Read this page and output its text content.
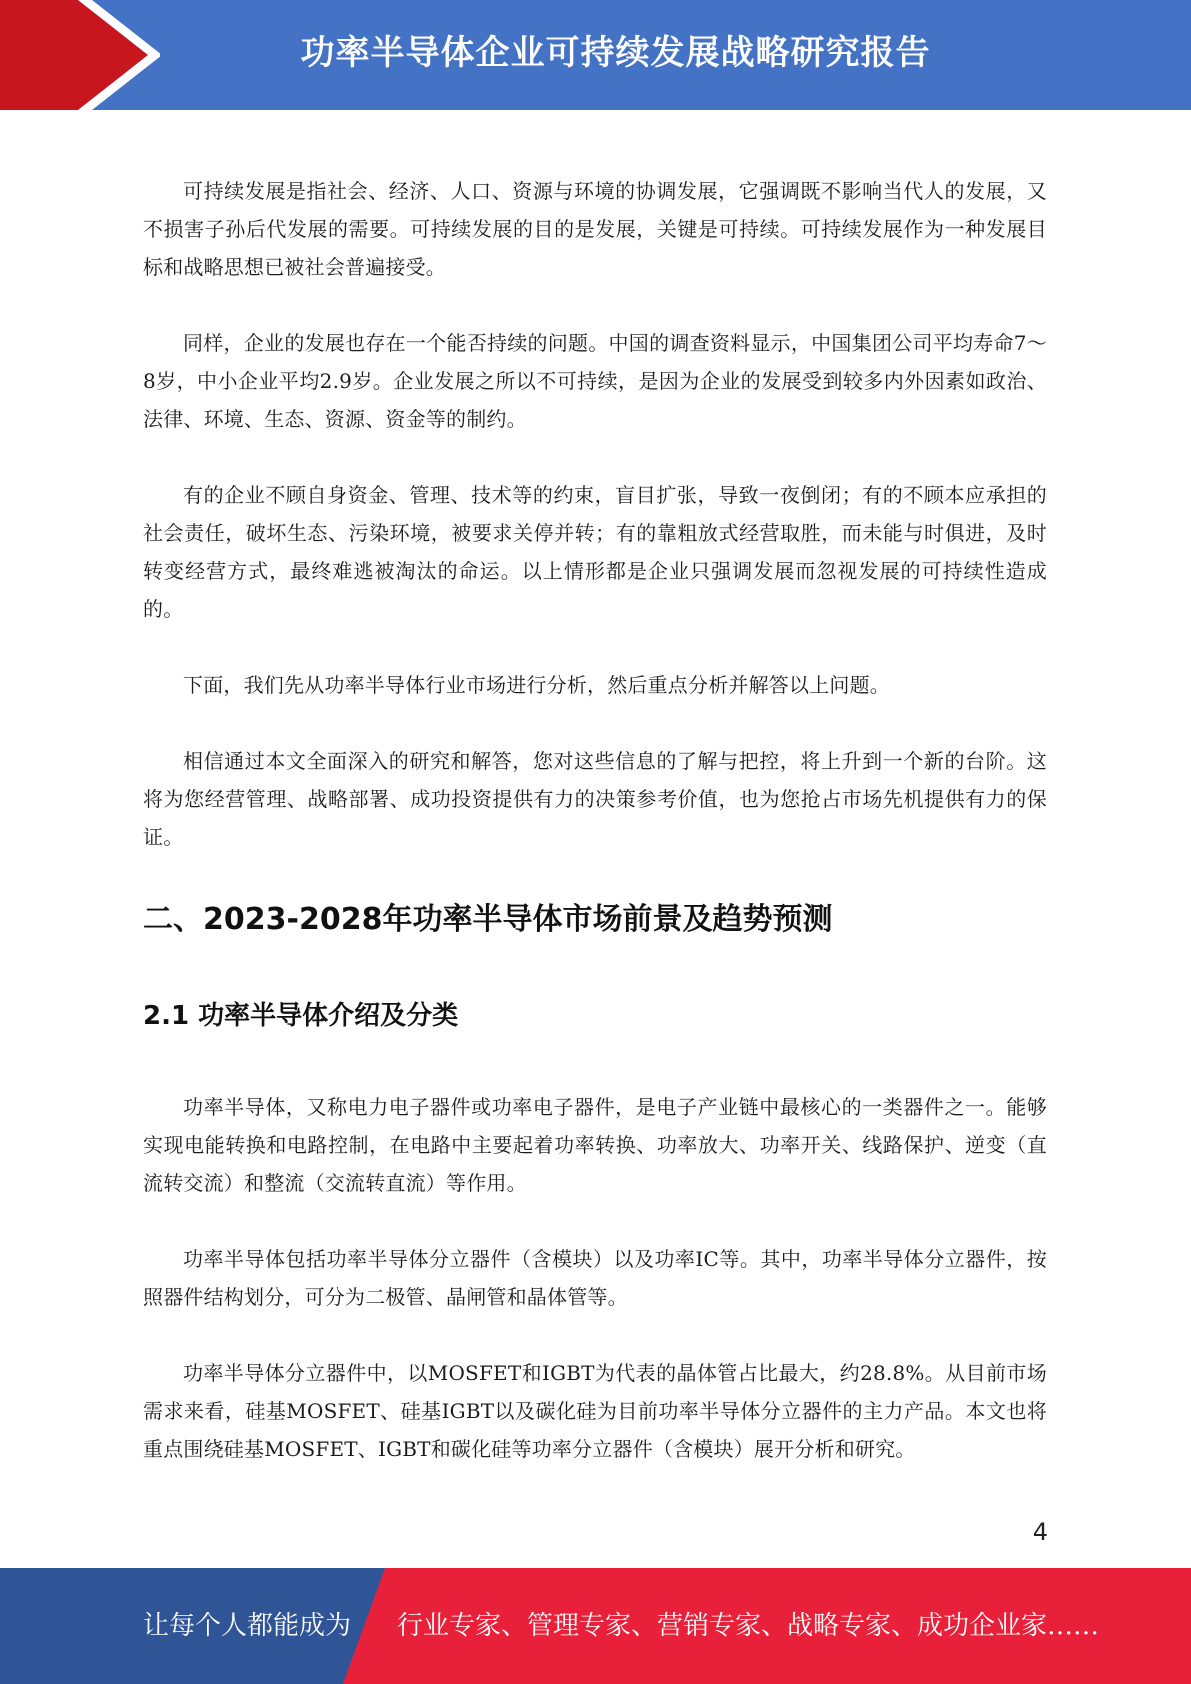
功率半导体企业可持续发展战略研究报告

可持续发展是指社会、经济、人口、资源与环境的协调发展，它强调既不影响当代人的发展，又不损害子孙后代发展的需要。可持续发展的目的是发展，关键是可持续。可持续发展作为一种发展目标和战略思想已被社会普遍接受。

同样，企业的发展也存在一个能否持续的问题。中国的调查资料显示，中国集团公司平均寿命7～8岁，中小企业平均2.9岁。企业发展之所以不可持续，是因为企业的发展受到较多内外因素如政治、法律、环境、生态、资源、资金等的制约。

有的企业不顾自身资金、管理、技术等的约束，盲目扩张，导致一夜倒闭；有的不顾本应承担的社会责任，破坏生态、污染环境，被要求关停并转；有的靠粗放式经营取胜，而未能与时俱进，及时转变经营方式，最终难逃被淘汰的命运。以上情形都是企业只强调发展而忽视发展的可持续性造成的。

下面，我们先从功率半导体行业市场进行分析，然后重点分析并解答以上问题。

相信通过本文全面深入的研究和解答，您对这些信息的了解与把控，将上升到一个新的台阶。这将为您经营管理、战略部署、成功投资提供有力的决策参考价值，也为您抢占市场先机提供有力的保证。

二、2023-2028年功率半导体市场前景及趋势预测
2.1 功率半导体介绍及分类

功率半导体，又称电力电子器件或功率电子器件，是电子产业链中最核心的一类器件之一。能够实现电能转换和电路控制，在电路中主要起着功率转换、功率放大、功率开关、线路保护、逆变（直流转交流）和整流（交流转直流）等作用。

功率半导体包括功率半导体分立器件（含模块）以及功率IC等。其中，功率半导体分立器件，按照器件结构划分，可分为二极管、晶闸管和晶体管等。

功率半导体分立器件中，以MOSFET和IGBT为代表的晶体管占比最大，约28.8%。从目前市场需求来看，硅基MOSFET、硅基IGBT以及碳化硅为目前功率半导体分立器件的主力产品。本文也将重点围绕硅基MOSFET、IGBT和碳化硅等功率分立器件（含模块）展开分析和研究。

4
让每个人都能成为 行业专家、管理专家、营销专家、战略专家、成功企业家……
